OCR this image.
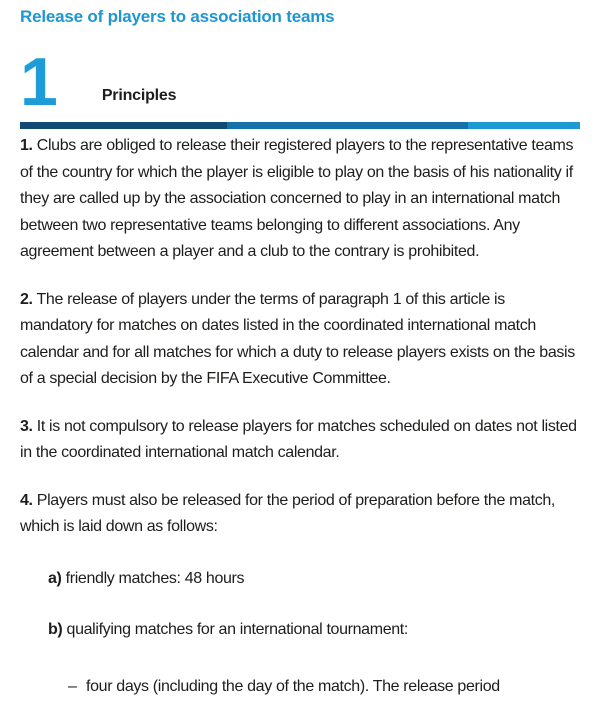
Release of players to association teams
1	Principles

1. Clubs are obliged to release their registered players to the representative teams of the country for which the player is eligible to play on the basis of his nationality if they are called up by the association concerned to play in an international match between two representative teams belonging to different associations. Any agreement between a player and a club to the contrary is prohibited.

2. The release of players under the terms of paragraph 1 of this article is mandatory for matches on dates listed in the coordinated international match calendar and for all matches for which a duty to release players exists on the basis of a special decision by the FIFA Executive Committee.

3. It is not compulsory to release players for matches scheduled on dates not listed in the coordinated international match calendar.

4. Players must also be released for the period of preparation before the match, which is laid down as follows:

a) friendly matches: 48 hours
b) qualifying matches for an international tournament:
– four days (including the day of the match). The release period
